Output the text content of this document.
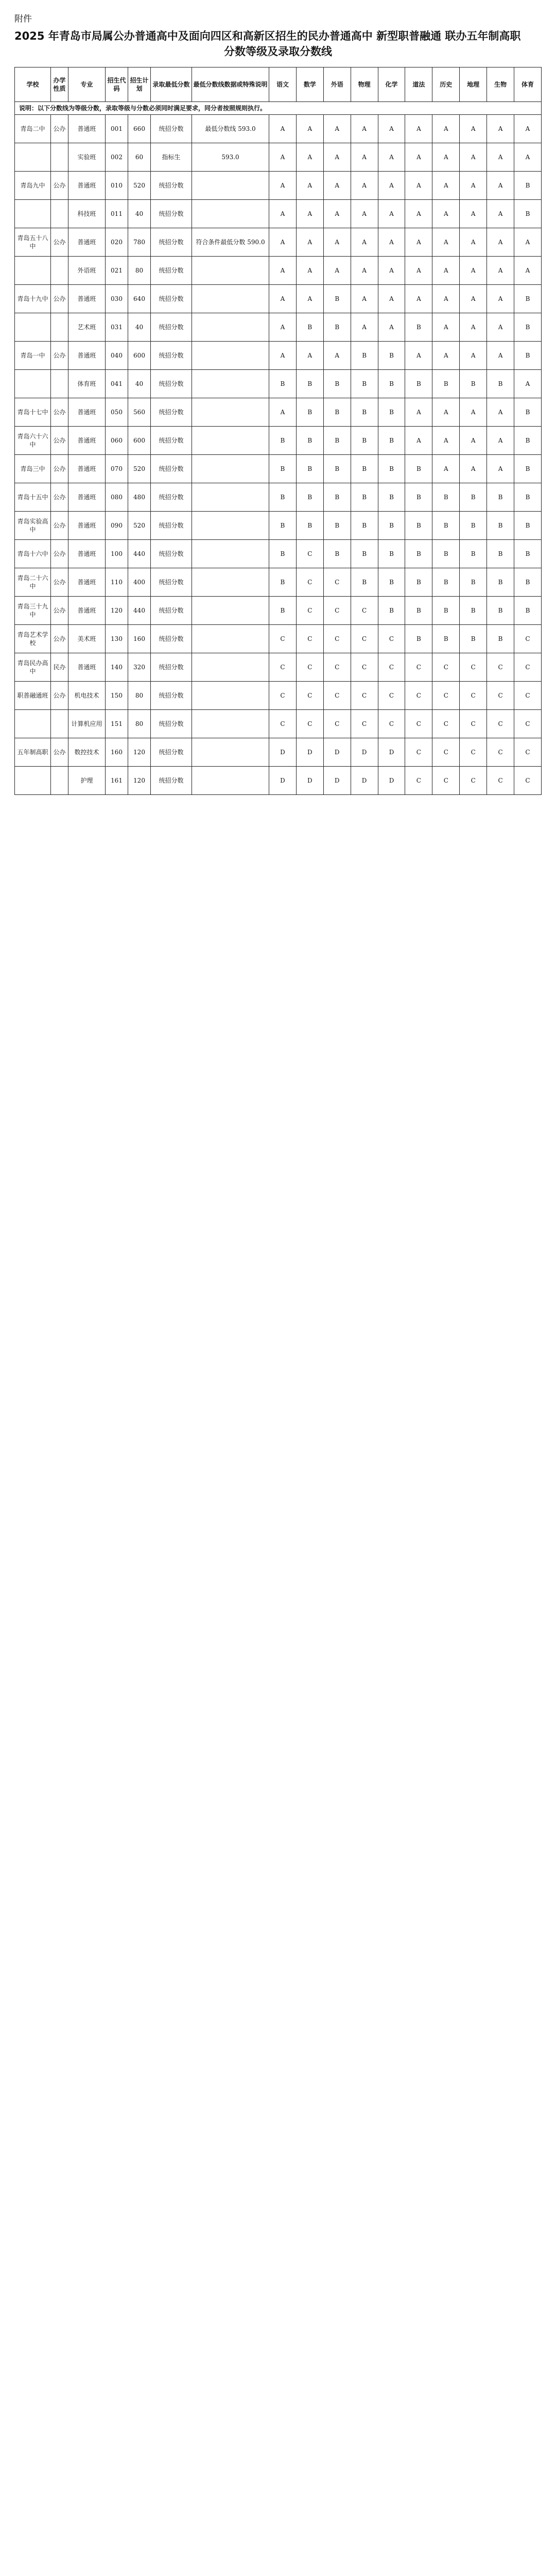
附件
2025 年青岛市局属公办普通高中及面向四区和高新区招生的民办普通高中 新型职普融通 联办五年制高职
分数等级及录取分数线
学校	办学性质	专业	招生代码	招生计划	录取最低分数	最低分数线数据或特殊说明	语文	数学	外语	物理	化学	道法	历史	地理	生物	体育
说明：以下分数线为等级分数，录取等级与分数必须同时满足要求，同分者按照规则执行。																
青岛二中	公办	普通班	001	660	统招分数	最低分数线 593.0	A	A	A	A	A	A	A	A	A	A
		实验班	002	60	指标生	593.0	A	A	A	A	A	A	A	A	A	A
青岛九中	公办	普通班	010	520	统招分数		A	A	A	A	A	A	A	A	A	B
		科技班	011	40	统招分数		A	A	A	A	A	A	A	A	A	B
青岛五十八中	公办	普通班	020	780	统招分数	符合条件最低分数 590.0	A	A	A	A	A	A	A	A	A	A
		外语班	021	80	统招分数		A	A	A	A	A	A	A	A	A	A
青岛十九中	公办	普通班	030	640	统招分数		A	A	B	A	A	A	A	A	A	B
		艺术班	031	40	统招分数		A	B	B	A	A	B	A	A	A	B
青岛一中	公办	普通班	040	600	统招分数		A	A	A	B	B	A	A	A	A	B
		体育班	041	40	统招分数		B	B	B	B	B	B	B	B	B	A
青岛十七中	公办	普通班	050	560	统招分数		A	B	B	B	B	A	A	A	A	B
青岛六十六中	公办	普通班	060	600	统招分数		B	B	B	B	B	A	A	A	A	B
青岛三中	公办	普通班	070	520	统招分数		B	B	B	B	B	B	A	A	A	B
青岛十五中	公办	普通班	080	480	统招分数		B	B	B	B	B	B	B	B	B	B
青岛实验高中	公办	普通班	090	520	统招分数		B	B	B	B	B	B	B	B	B	B
青岛十六中	公办	普通班	100	440	统招分数		B	C	B	B	B	B	B	B	B	B
青岛二十六中	公办	普通班	110	400	统招分数		B	C	C	B	B	B	B	B	B	B
青岛三十九中	公办	普通班	120	440	统招分数		B	C	C	C	B	B	B	B	B	B
青岛艺术学校	公办	美术班	130	160	统招分数		C	C	C	C	C	B	B	B	B	C
青岛民办高中	民办	普通班	140	320	统招分数		C	C	C	C	C	C	C	C	C	C
职普融通班	公办	机电技术	150	80	统招分数		C	C	C	C	C	C	C	C	C	C
		计算机应用	151	80	统招分数		C	C	C	C	C	C	C	C	C	C
五年制高职	公办	数控技术	160	120	统招分数		D	D	D	D	D	C	C	C	C	C
		护理	161	120	统招分数		D	D	D	D	D	C	C	C	C	C
